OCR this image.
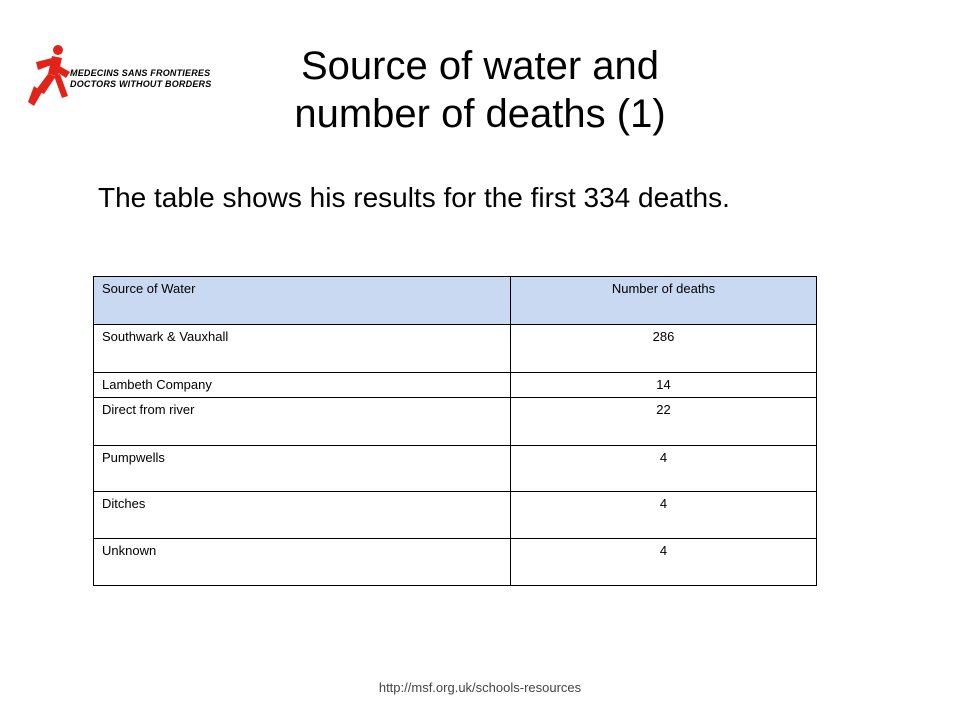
MEDECINS SANS FRONTIERES
DOCTORS WITHOUT BORDERS	Source of water and
number of deaths (1)

The table shows his results for the first 334 deaths.

Source of Water	Number of deaths
Southwark & Vauxhall	286
Lambeth Company	14
Direct from river	22
Pumpwells	4
Ditches	4
Unknown	4
http://msf.org.uk/schools-resources
